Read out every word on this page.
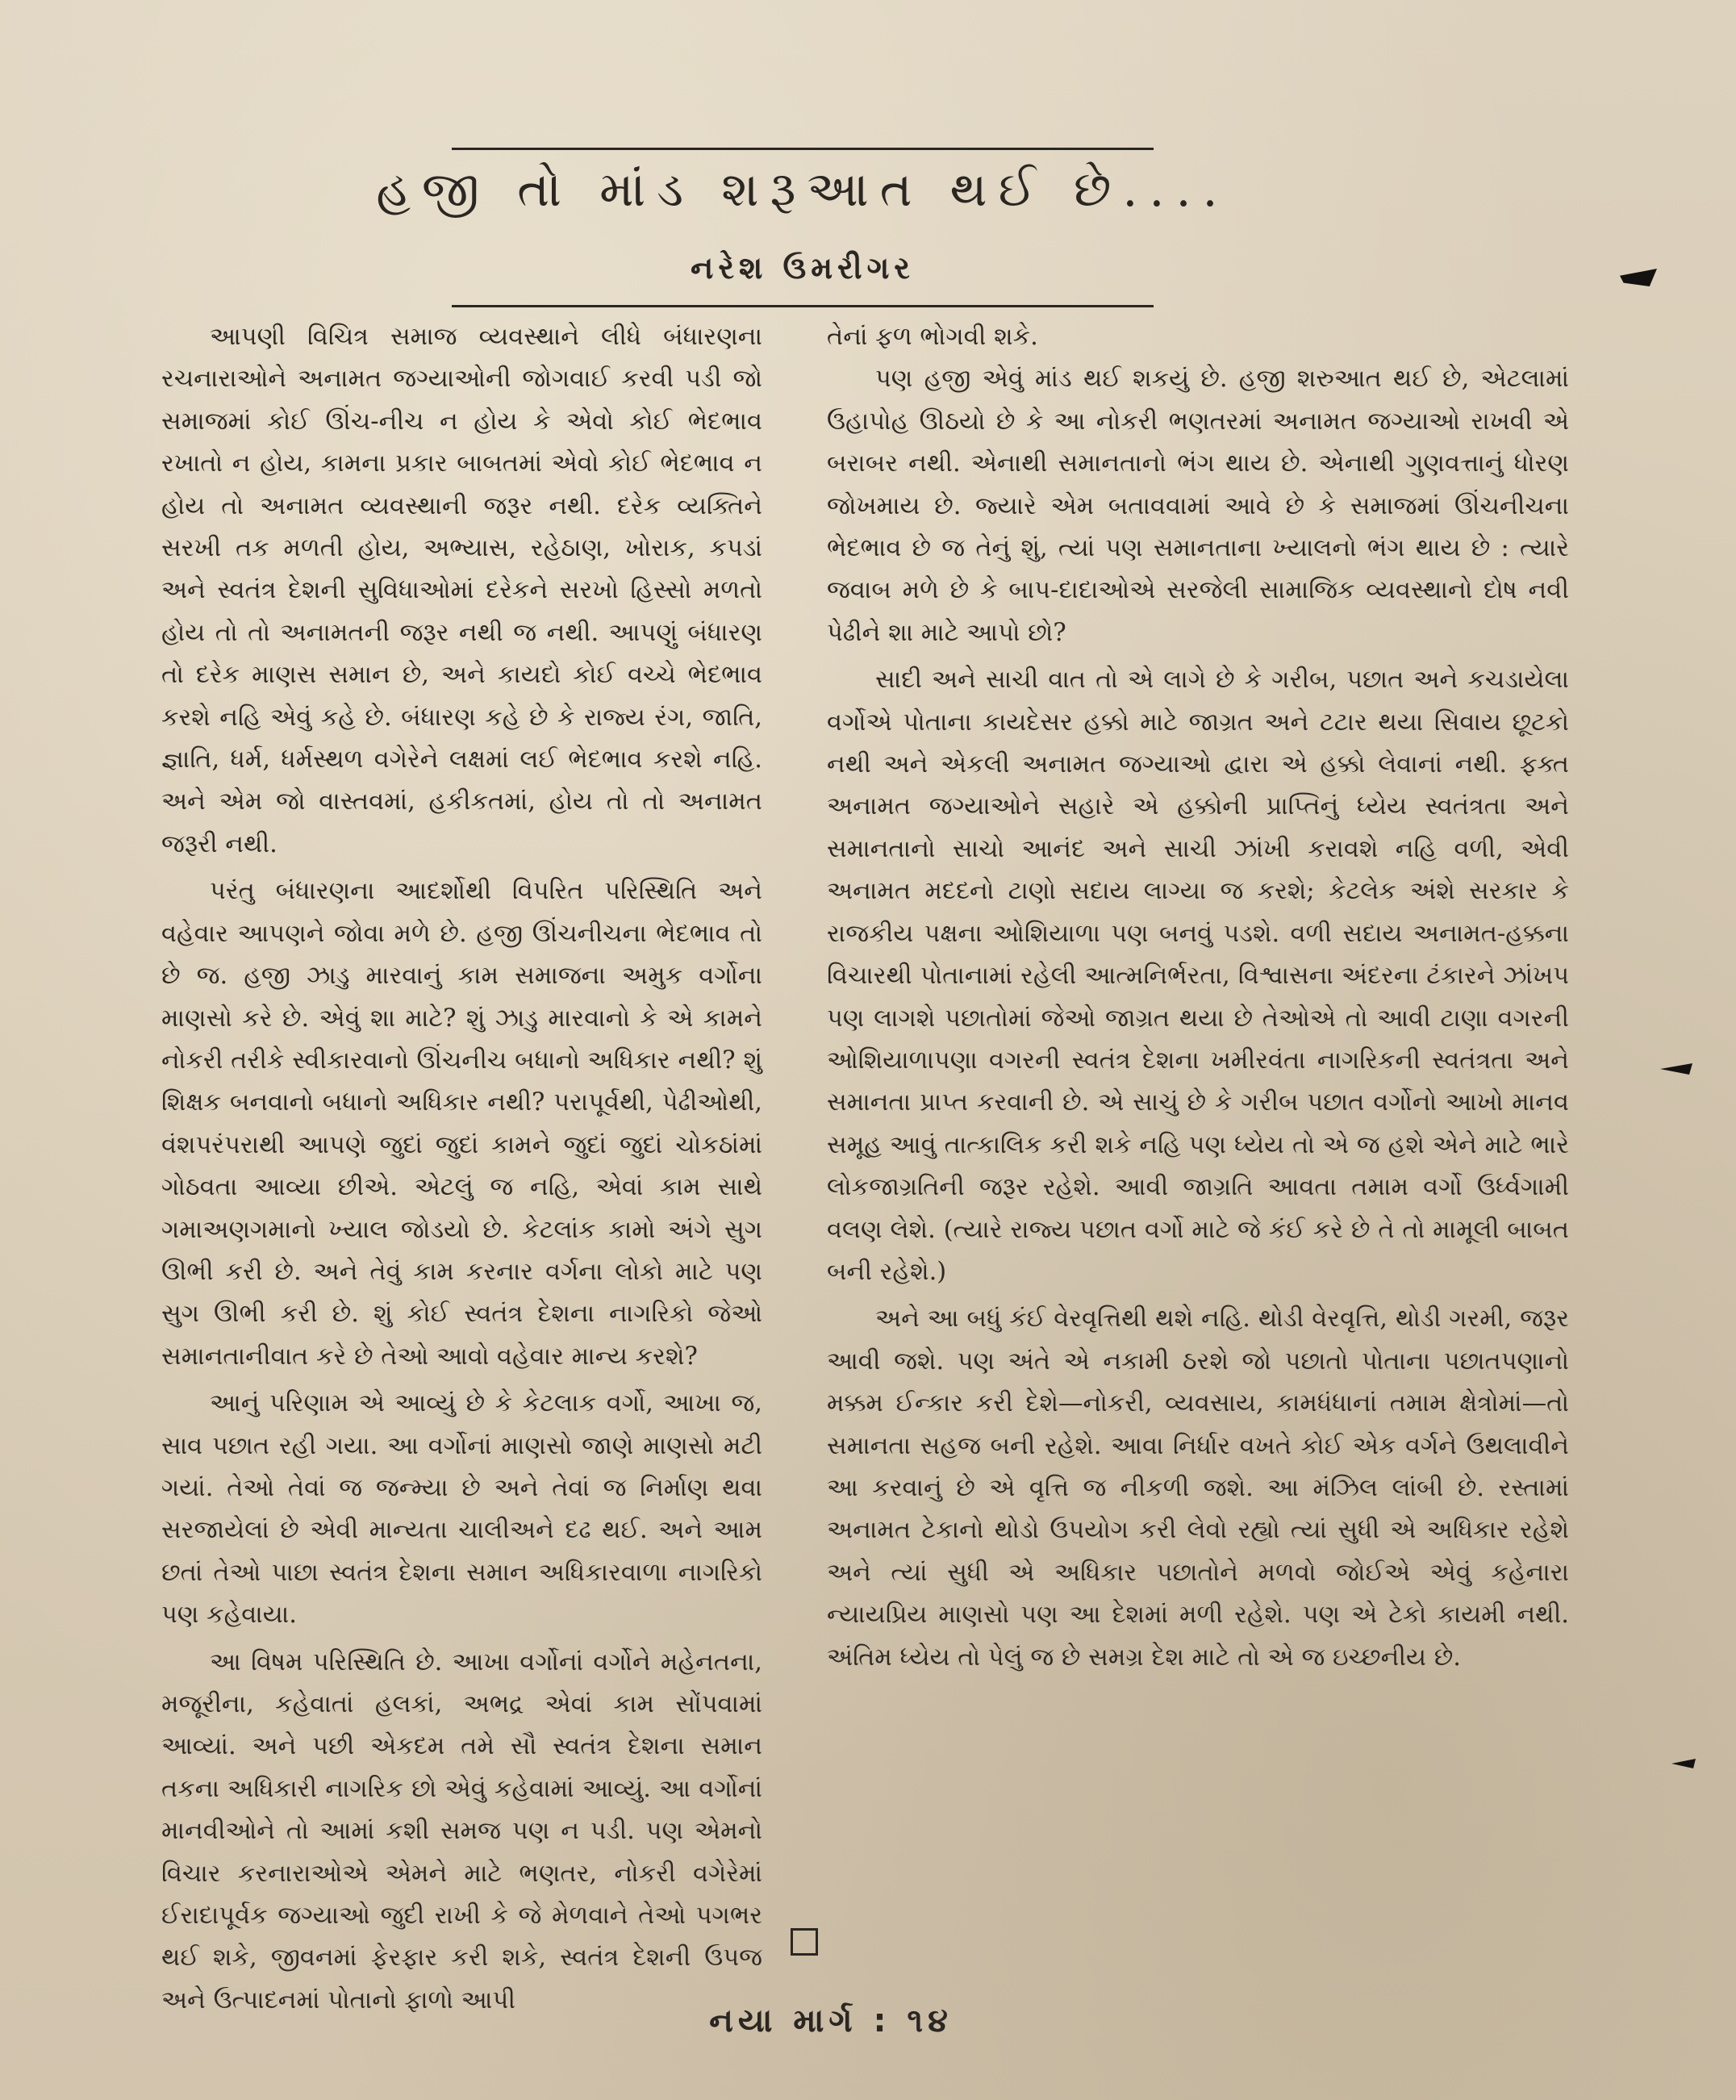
હજી તો માંડ શરૂઆત થઈ છે....
નરેશ ઉમરીગર

આપણી વિચિત્ર સમાજ વ્યવસ્થાને લીધે બંધારણના રચનારાઓને અનામત જગ્યાઓની જોગવાઈ કરવી પડી જો સમાજમાં કોઈ ઊંચ-નીચ ન હોય કે એવો કોઈ ભેદભાવ રખાતો ન હોય, કામના પ્રકાર બાબતમાં એવો કોઈ ભેદભાવ ન હોય તો અનામત વ્યવસ્થાની જરૂર નથી. દરેક વ્યક્તિને સરખી તક મળતી હોય, અભ્યાસ, રહેઠાણ, ખોરાક, કપડાં અને સ્વતંત્ર દેશની સુવિધાઓમાં દરેકને સરખો હિસ્સો મળતો હોય તો તો અનામતની જરૂર નથી જ નથી. આપણું બંધારણ તો દરેક માણસ સમાન છે, અને કાયદો કોઈ વચ્ચે ભેદભાવ કરશે નહિ એવું કહે છે. બંધારણ કહે છે કે રાજ્ય રંગ, જાતિ, જ્ઞાતિ, ધર્મ, ધર્મસ્થળ વગેરેને લક્ષમાં લઈ ભેદભાવ કરશે નહિ. અને એમ જો વાસ્તવમાં, હકીકતમાં, હોય તો તો અનામત જરૂરી નથી.

પરંતુ બંધારણના આદર્શોથી વિપરિત પરિસ્થિતિ અને વહેવાર આપણને જોવા મળે છે. હજી ઊંચનીચના ભેદભાવ તો છે જ. હજી ઝાડુ મારવાનું કામ સમાજના અમુક વર્ગોના માણસો કરે છે. એવું શા માટે? શું ઝાડુ મારવાનો કે એ કામને નોકરી તરીકે સ્વીકારવાનો ઊંચનીચ બધાનો અધિકાર નથી? શું શિક્ષક બનવાનો બધાનો અધિકાર નથી? પરાપૂર્વથી, પેઢીઓથી, વંશપરંપરાથી આપણે જુદાં જુદાં કામને જુદાં જુદાં ચોકઠાંમાં ગોઠવતા આવ્યા છીએ. એટલું જ નહિ, એવાં કામ સાથે ગમાઅણગમાનો ખ્યાલ જોડયો છે. કેટલાંક કામો અંગે સુગ ઊભી કરી છે. અને તેવું કામ કરનાર વર્ગના લોકો માટે પણ સુગ ઊભી કરી છે. શું કોઈ સ્વતંત્ર દેશના નાગરિકો જેઓ સમાનતાનીવાત કરે છે તેઓ આવો વહેવાર માન્ય કરશે?

આનું પરિણામ એ આવ્યું છે કે કેટલાક વર્ગો, આખા જ, સાવ પછાત રહી ગયા. આ વર્ગોનાં માણસો જાણે માણસો મટી ગયાં. તેઓ તેવાં જ જન્મ્યા છે અને તેવાં જ નિર્માણ થવા સરજાયેલાં છે એવી માન્યતા ચાલીઅને દઢ થઈ. અને આમ છતાં તેઓ પાછા સ્વતંત્ર દેશના સમાન અધિકારવાળા નાગરિકો પણ કહેવાયા.

આ વિષમ પરિસ્થિતિ છે. આખા વર્ગોનાં વર્ગોને મહેનતના, મજૂરીના, કહેવાતાં હલકાં, અભદ્ર એવાં કામ સોંપવામાં આવ્યાં. અને પછી એકદમ તમે સૌ સ્વતંત્ર દેશના સમાન તકના અધિકારી નાગરિક છો એવું કહેવામાં આવ્યું. આ વર્ગોનાં માનવીઓને તો આમાં કશી સમજ પણ ન પડી. પણ એમનો વિચાર કરનારાઓએ એમને માટે ભણતર, નોકરી વગેરેમાં ઈરાદાપૂર્વક જગ્યાઓ જુદી રાખી કે જે મેળવાને તેઓ પગભર થઈ શકે, જીવનમાં ફેરફાર કરી શકે, સ્વતંત્ર દેશની ઉપજ અને ઉત્પાદનમાં પોતાનો ફાળો આપી

તેનાં ફળ ભોગવી શકે.

પણ હજી એવું માંડ થઈ શકયું છે. હજી શરુઆત થઈ છે, એટલામાં ઉહાપોહ ઊઠયો છે કે આ નોકરી ભણતરમાં અનામત જગ્યાઓ રાખવી એ બરાબર નથી. એનાથી સમાનતાનો ભંગ થાય છે. એનાથી ગુણવત્તાનું ધોરણ જોખમાય છે. જ્યારે એમ બતાવવામાં આવે છે કે સમાજમાં ઊંચનીચના ભેદભાવ છે જ તેનું શું, ત્યાં પણ સમાનતાના ખ્યાલનો ભંગ થાય છે : ત્યારે જવાબ મળે છે કે બાપ-દાદાઓએ સરજેલી સામાજિક વ્યવસ્થાનો દોષ નવી પેઢીને શા માટે આપો છો?

સાદી અને સાચી વાત તો એ લાગે છે કે ગરીબ, પછાત અને કચડાયેલા વર્ગોએ પોતાના કાયદેસર હક્કો માટે જાગ્રત અને ટટાર થયા સિવાય છૂટકો નથી અને એકલી અનામત જગ્યાઓ દ્વારા એ હક્કો લેવાનાં નથી. ફક્ત અનામત જગ્યાઓને સહારે એ હક્કોની પ્રાપ્તિનું ધ્યેય સ્વતંત્રતા અને સમાનતાનો સાચો આનંદ અને સાચી ઝાંખી કરાવશે નહિ વળી, એવી અનામત મદદનો ટાણો સદાય લાગ્યા જ કરશે; કેટલેક અંશે સરકાર કે રાજકીય પક્ષના ઓશિયાળા પણ બનવું પડશે. વળી સદાય અનામત-હક્કના વિચારથી પોતાનામાં રહેલી આત્મનિર્ભરતા, વિશ્વાસના અંદરના ટંકારને ઝાંખપ પણ લાગશે પછાતોમાં જેઓ જાગ્રત થયા છે તેઓએ તો આવી ટાણા વગરની ઓશિયાળાપણા વગરની સ્વતંત્ર દેશના ખમીરવંતા નાગરિકની સ્વતંત્રતા અને સમાનતા પ્રાપ્ત કરવાની છે. એ સાચું છે કે ગરીબ પછાત વર્ગોનો આખો માનવ સમૂહ આવું તાત્કાલિક કરી શકે નહિ પણ ધ્યેય તો એ જ હશે એને માટે ભારે લોકજાગ્રતિની જરૂર રહેશે. આવી જાગ્રતિ આવતા તમામ વર્ગો ઉર્ધ્વગામી વલણ લેશે. (ત્યારે રાજ્ય પછાત વર્ગો માટે જે કંઈ કરે છે તે તો મામૂલી બાબત બની રહેશે.)

અને આ બધું કંઈ વેરવૃત્તિથી થશે નહિ. થોડી વેરવૃત્તિ, થોડી ગરમી, જરૂર આવી જશે. પણ અંતે એ નકામી ઠરશે જો પછાતો પોતાના પછાતપણાનો મક્કમ ઈન્કાર કરી દેશે—નોકરી, વ્યવસાય, કામધંધાનાં તમામ ક્ષેત્રોમાં—તો સમાનતા સહજ બની રહેશે. આવા નિર્ધાર વખતે કોઈ એક વર્ગને ઉથલાવીને આ કરવાનું છે એ વૃત્તિ જ નીકળી જશે. આ મંઝિલ લાંબી છે. રસ્તામાં અનામત ટેકાનો થોડો ઉપયોગ કરી લેવો રહ્યો ત્યાં સુધી એ અધિકાર રહેશે અને ત્યાં સુધી એ અધિકાર પછાતોને મળવો જોઈએ એવું કહેનારા ન્યાયપ્રિય માણસો પણ આ દેશમાં મળી રહેશે. પણ એ ટેકો કાયમી નથી. અંતિમ ધ્યેય તો પેલું જ છે સમગ્ર દેશ માટે તો એ જ ઇચ્છનીય છે.

નયા માર્ગ : ૧૪
